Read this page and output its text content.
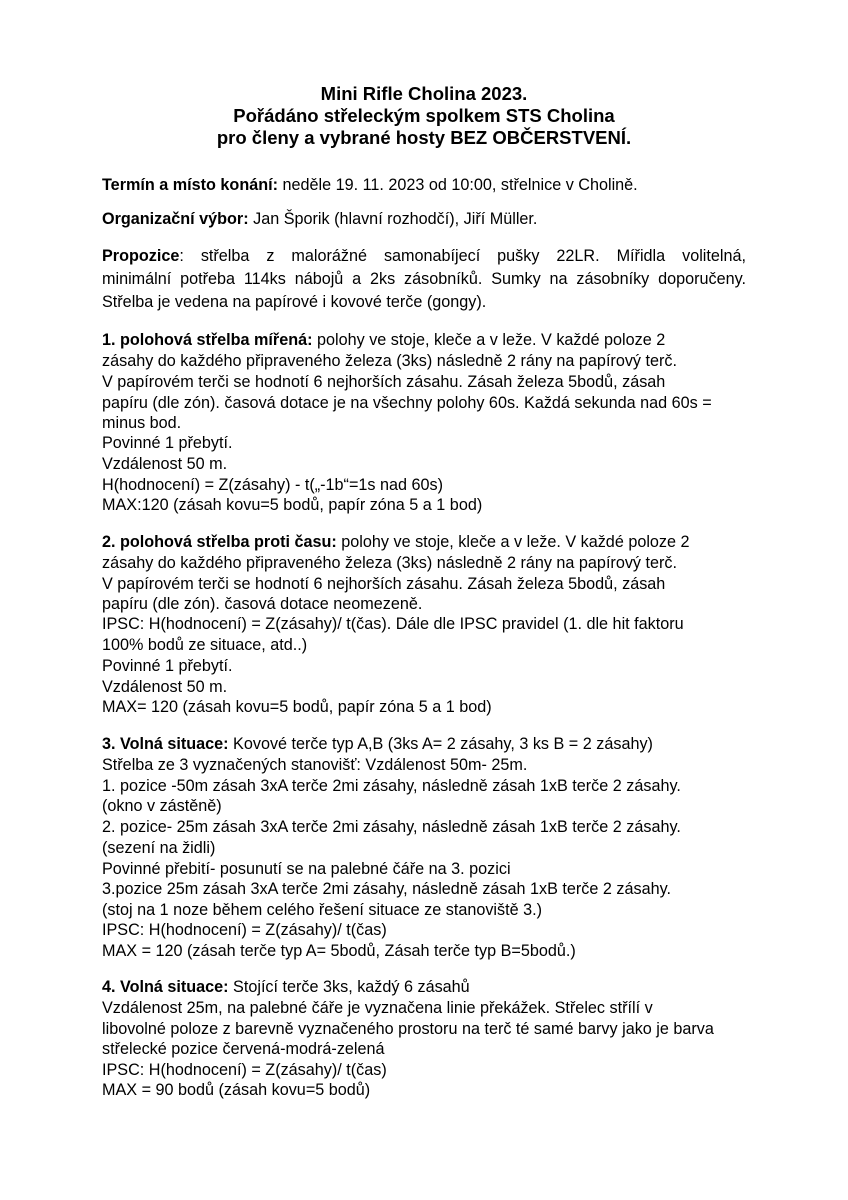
Mini Rifle Cholina 2023.
Pořádáno střeleckým spolkem STS Cholina
pro členy a vybrané hosty BEZ OBČERSTVENÍ.
Termín a místo konání: neděle 19. 11. 2023 od 10:00, střelnice v Cholině.
Organizační výbor: Jan Šporik (hlavní rozhodčí), Jiří Müller.
Propozice: střelba z malorážné samonabíjecí pušky 22LR. Mířidla volitelná,
minimální potřeba 114ks nábojů a 2ks zásobníků. Sumky na zásobníky doporučeny.
Střelba je vedena na papírové i kovové terče (gongy).
1. polohová střelba mířená: polohy ve stoje, kleče a v leže. V každé poloze 2
zásahy do každého připraveného železa (3ks) následně 2 rány na papírový terč.
V papírovém terči se hodnotí 6 nejhorších zásahu. Zásah železa 5bodů, zásah
papíru (dle zón). časová dotace je na všechny polohy 60s. Každá sekunda nad 60s =
minus bod.
Povinné 1 přebytí.
Vzdálenost 50 m.
H(hodnocení) = Z(zásahy) - t(„-1b“=1s nad 60s)
MAX:120 (zásah kovu=5 bodů, papír zóna 5 a 1 bod)
2. polohová střelba proti času: polohy ve stoje, kleče a v leže. V každé poloze 2
zásahy do každého připraveného železa (3ks) následně 2 rány na papírový terč.
V papírovém terči se hodnotí 6 nejhorších zásahu. Zásah železa 5bodů, zásah
papíru (dle zón). časová dotace neomezeně.
IPSC: H(hodnocení) = Z(zásahy)/ t(čas). Dále dle IPSC pravidel (1. dle hit faktoru
100% bodů ze situace, atd..)
Povinné 1 přebytí.
Vzdálenost 50 m.
MAX= 120 (zásah kovu=5 bodů, papír zóna 5 a 1 bod)
3. Volná situace: Kovové terče typ A,B (3ks A= 2 zásahy, 3 ks B = 2 zásahy)
Střelba ze 3 vyznačených stanovišť: Vzdálenost 50m- 25m.
1. pozice -50m zásah 3xA terče 2mi zásahy, následně zásah 1xB terče 2 zásahy.
(okno v zástěně)
2. pozice- 25m zásah 3xA terče 2mi zásahy, následně zásah 1xB terče 2 zásahy.
(sezení na židli)
Povinné přebití- posunutí se na palebné čáře na 3. pozici
3.pozice 25m zásah 3xA terče 2mi zásahy, následně zásah 1xB terče 2 zásahy.
(stoj na 1 noze během celého řešení situace ze stanoviště 3.)
IPSC: H(hodnocení) = Z(zásahy)/ t(čas)
MAX = 120 (zásah terče typ A= 5bodů, Zásah terče typ B=5bodů.)
4. Volná situace: Stojící terče 3ks, každý 6 zásahů
Vzdálenost 25m, na palebné čáře je vyznačena linie překážek. Střelec střílí v
libovolné poloze z barevně vyznačeného prostoru na terč té samé barvy jako je barva
střelecké pozice červená-modrá-zelená
IPSC: H(hodnocení) = Z(zásahy)/ t(čas)
MAX = 90 bodů (zásah kovu=5 bodů)
